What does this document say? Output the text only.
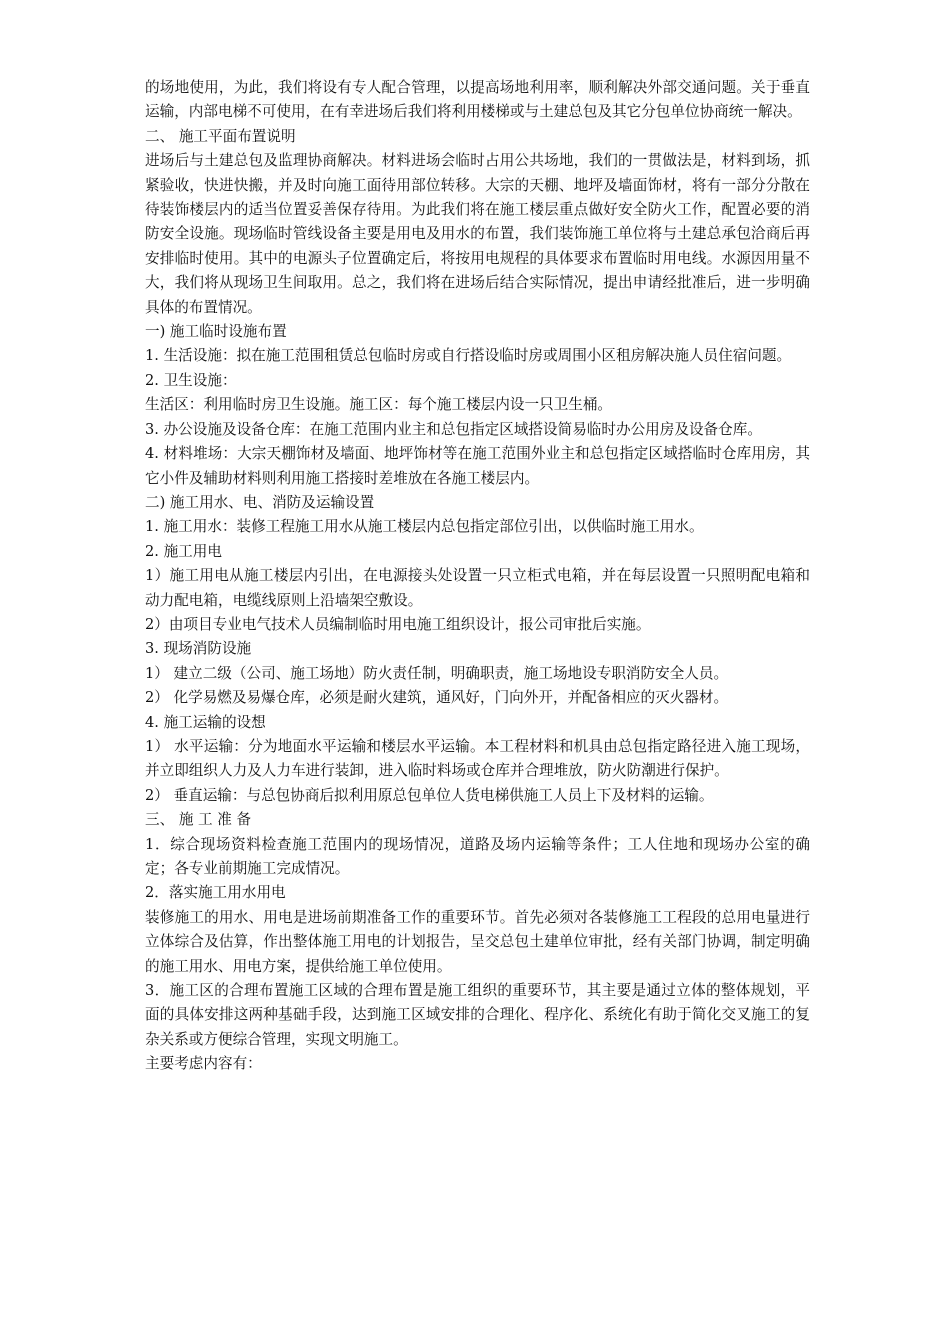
的场地使用，为此，我们将设有专人配合管理，以提高场地利用率，顺利解决外部交通问题。关于垂直运输，内部电梯不可使用，在有幸进场后我们将利用楼梯或与土建总包及其它分包单位协商统一解决。

二、 施工平面布置说明

进场后与土建总包及监理协商解决。材料进场会临时占用公共场地，我们的一贯做法是，材料到场，抓紧验收，快进快搬，并及时向施工面待用部位转移。大宗的天棚、地坪及墙面饰材，将有一部分分散在待装饰楼层内的适当位置妥善保存待用。为此我们将在施工楼层重点做好安全防火工作，配置必要的消防安全设施。现场临时管线设备主要是用电及用水的布置，我们装饰施工单位将与土建总承包洽商后再安排临时使用。其中的电源头子位置确定后，将按用电规程的具体要求布置临时用电线。水源因用量不大，我们将从现场卫生间取用。总之，我们将在进场后结合实际情况，提出申请经批准后，进一步明确具体的布置情况。

一) 施工临时设施布置

1. 生活设施：拟在施工范围租赁总包临时房或自行搭设临时房或周围小区租房解决施人员住宿问题。

2. 卫生设施：

生活区：利用临时房卫生设施。施工区：每个施工楼层内设一只卫生桶。

3. 办公设施及设备仓库：在施工范围内业主和总包指定区域搭设简易临时办公用房及设备仓库。

4. 材料堆场：大宗天棚饰材及墙面、地坪饰材等在施工范围外业主和总包指定区域搭临时仓库用房，其它小件及辅助材料则利用施工搭接时差堆放在各施工楼层内。

二) 施工用水、电、消防及运输设置

1. 施工用水：装修工程施工用水从施工楼层内总包指定部位引出，以供临时施工用水。

2. 施工用电

1）施工用电从施工楼层内引出，在电源接头处设置一只立柜式电箱，并在每层设置一只照明配电箱和动力配电箱，电缆线原则上沿墙架空敷设。

2）由项目专业电气技术人员编制临时用电施工组织设计，报公司审批后实施。

3. 现场消防设施

1） 建立二级（公司、施工场地）防火责任制，明确职责，施工场地设专职消防安全人员。

2） 化学易燃及易爆仓库，必须是耐火建筑，通风好，门向外开，并配备相应的灭火器材。

4. 施工运输的设想

1） 水平运输：分为地面水平运输和楼层水平运输。本工程材料和机具由总包指定路径进入施工现场，并立即组织人力及人力车进行装卸，进入临时料场或仓库并合理堆放，防火防潮进行保护。

2） 垂直运输：与总包协商后拟利用原总包单位人货电梯供施工人员上下及材料的运输。

三、 施 工 准 备

1．综合现场资料检查施工范围内的现场情况，道路及场内运输等条件；工人住地和现场办公室的确定；各专业前期施工完成情况。

2．落实施工用水用电

装修施工的用水、用电是进场前期准备工作的重要环节。首先必须对各装修施工工程段的总用电量进行立体综合及估算，作出整体施工用电的计划报告，呈交总包土建单位审批，经有关部门协调，制定明确的施工用水、用电方案，提供给施工单位使用。

3．施工区的合理布置施工区域的合理布置是施工组织的重要环节，其主要是通过立体的整体规划，平面的具体安排这两种基础手段，达到施工区域安排的合理化、程序化、系统化有助于简化交叉施工的复杂关系或方便综合管理，实现文明施工。

主要考虑内容有：
